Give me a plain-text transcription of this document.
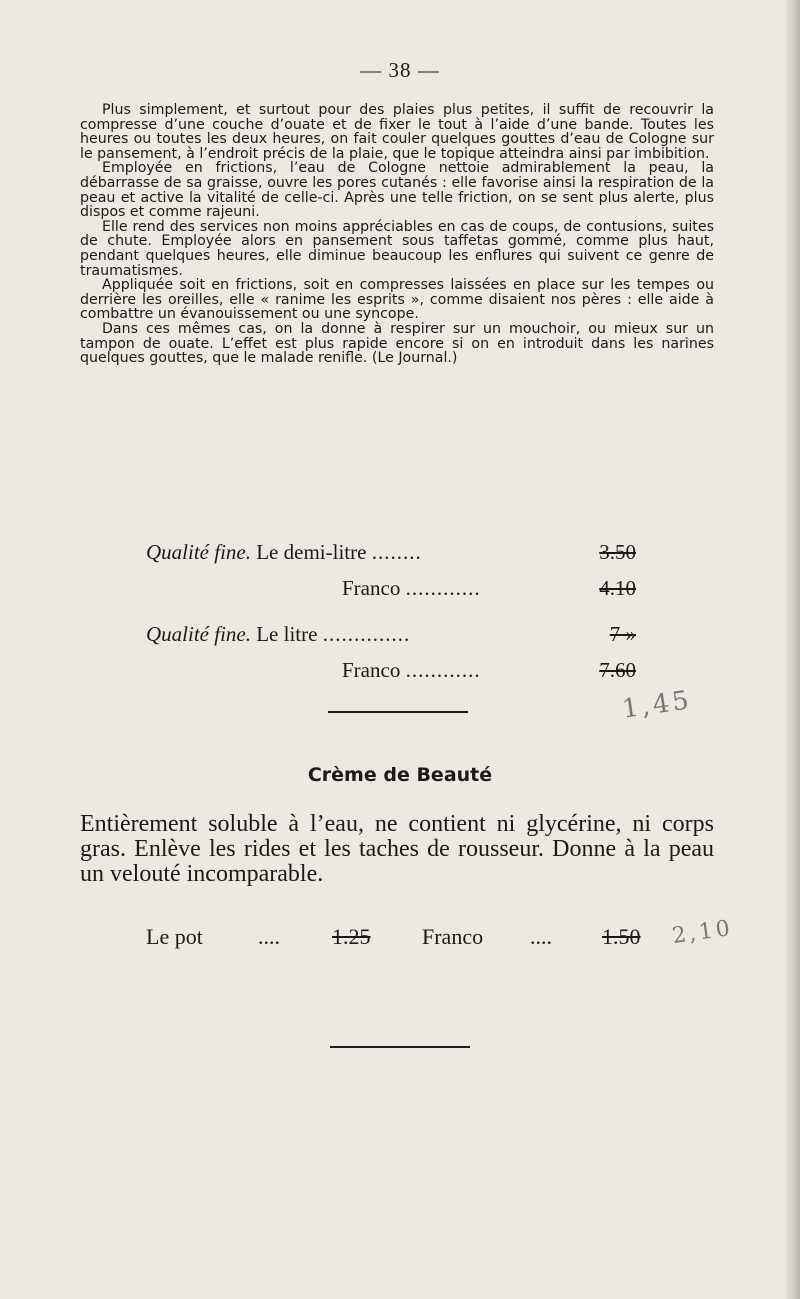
— 38 —

Plus simplement, et surtout pour des plaies plus petites, il suffit de recouvrir la compresse d’une couche d’ouate et de fixer le tout à l’aide d’une bande. Toutes les heures ou toutes les deux heures, on fait couler quelques gouttes d’eau de Cologne sur le pansement, à l’endroit précis de la plaie, que le topique atteindra ainsi par imbibition.

Employée en frictions, l’eau de Cologne nettoie admirablement la peau, la débarrasse de sa graisse, ouvre les pores cutanés : elle favorise ainsi la respiration de la peau et active la vitalité de celle-ci. Après une telle friction, on se sent plus alerte, plus dispos et comme rajeuni.

Elle rend des services non moins appréciables en cas de coups, de contusions, suites de chute. Employée alors en pansement sous taffetas gommé, comme plus haut, pendant quelques heures, elle diminue beaucoup les enflures qui suivent ce genre de traumatismes.

Appliquée soit en frictions, soit en compresses laissées en place sur les tempes ou derrière les oreilles, elle « ranime les esprits », comme disaient nos pères : elle aide à combattre un évanouissement ou une syncope.

Dans ces mêmes cas, on la donne à respirer sur un mouchoir, ou mieux sur un tampon de ouate. L’effet est plus rapide encore si on en introduit dans les narines quelques gouttes, que le malade renifle. (Le Journal.)

Qualité fine. Le demi-litre ........	3.50
Franco ............	4.10
Qualité fine. Le litre ..............	7 »
Franco ............	7.60
1,45
Crème de Beauté
Entièrement soluble à l’eau, ne contient ni glycérine, ni corps gras. Enlève les rides et les taches de rousseur. Donne à la peau un velouté incomparable.
Le pot	.... 1.25 Franco .... 1.50 2,10
